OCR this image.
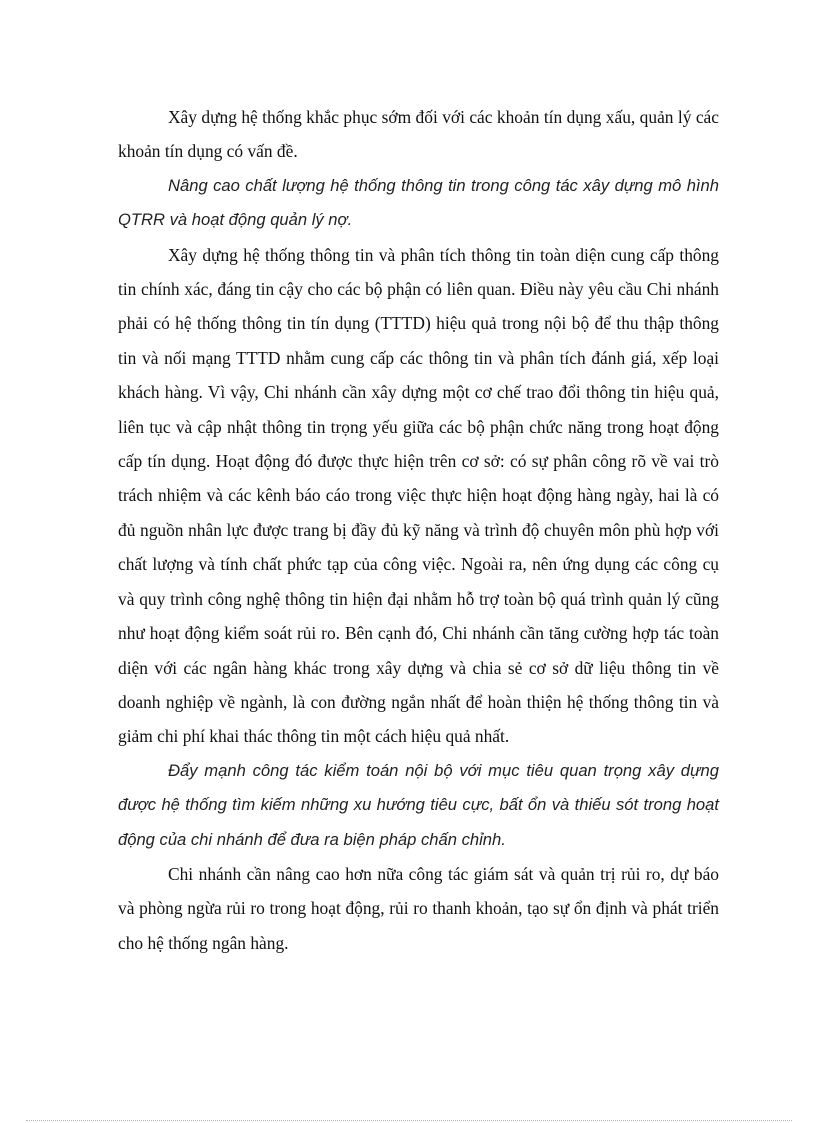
Xây dựng hệ thống khắc phục sớm đối với các khoản tín dụng xấu, quản lý các khoản tín dụng có vấn đề.

Nâng cao chất lượng hệ thống thông tin trong công tác xây dựng mô hình QTRR và hoạt động quản lý nợ.

Xây dựng hệ thống thông tin và phân tích thông tin toàn diện cung cấp thông tin chính xác, đáng tin cậy cho các bộ phận có liên quan. Điều này yêu cầu Chi nhánh phải có hệ thống thông tin tín dụng (TTTD) hiệu quả trong nội bộ để thu thập thông tin và nối mạng TTTD nhằm cung cấp các thông tin và phân tích đánh giá, xếp loại khách hàng. Vì vậy, Chi nhánh cần xây dựng một cơ chế trao đổi thông tin hiệu quả, liên tục và cập nhật thông tin trọng yếu giữa các bộ phận chức năng trong hoạt động cấp tín dụng. Hoạt động đó được thực hiện trên cơ sở: có sự phân công rõ về vai trò trách nhiệm và các kênh báo cáo trong việc thực hiện hoạt động hàng ngày, hai là có đủ nguồn nhân lực được trang bị đầy đủ kỹ năng và trình độ chuyên môn phù hợp với chất lượng và tính chất phức tạp của công việc. Ngoài ra, nên ứng dụng các công cụ và quy trình công nghệ thông tin hiện đại nhằm hỗ trợ toàn bộ quá trình quản lý cũng như hoạt động kiểm soát rủi ro. Bên cạnh đó, Chi nhánh cần tăng cường hợp tác toàn diện với các ngân hàng khác trong xây dựng và chia sẻ cơ sở dữ liệu thông tin về doanh nghiệp về ngành, là con đường ngắn nhất để hoàn thiện hệ thống thông tin và giảm chi phí khai thác thông tin một cách hiệu quả nhất.

Đẩy mạnh công tác kiểm toán nội bộ với mục tiêu quan trọng xây dựng được hệ thống tìm kiếm những xu hướng tiêu cực, bất ổn và thiếu sót trong hoạt động của chi nhánh để đưa ra biện pháp chấn chỉnh.

Chi nhánh cần nâng cao hơn nữa công tác giám sát và quản trị rủi ro, dự báo và phòng ngừa rủi ro trong hoạt động, rủi ro thanh khoản, tạo sự ổn định và phát triển cho hệ thống ngân hàng.
